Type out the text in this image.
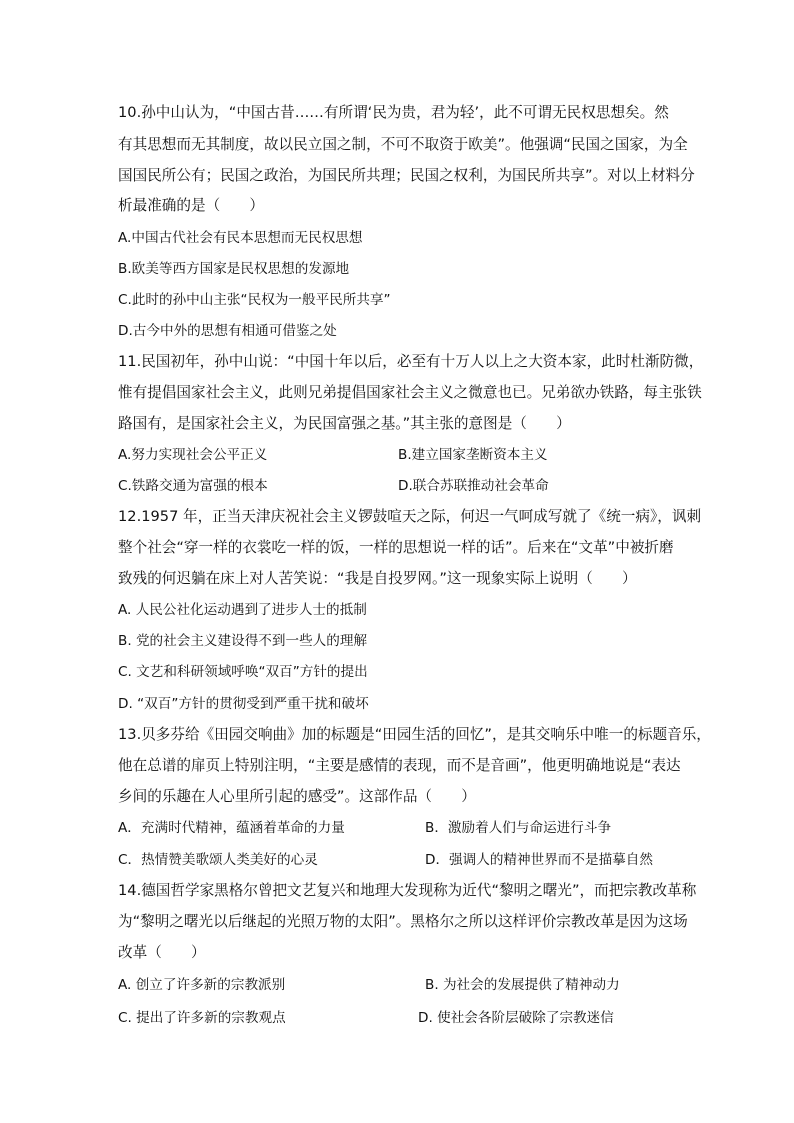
10.孙中山认为，“中国古昔……有所谓‘民为贵，君为轻’，此不可谓无民权思想矣。然
有其思想而无其制度，故以民立国之制，不可不取资于欧美”。他强调“民国之国家，为全
国国民所公有；民国之政治，为国民所共理；民国之权利，为国民所共享”。对以上材料分
析最准确的是（　　）
A.中国古代社会有民本思想而无民权思想
B.欧美等西方国家是民权思想的发源地
C.此时的孙中山主张“民权为一般平民所共享”
D.古今中外的思想有相通可借鉴之处
11.民国初年，孙中山说：“中国十年以后，必至有十万人以上之大资本家，此时杜渐防微，
惟有提倡国家社会主义，此则兄弟提倡国家社会主义之微意也已。兄弟欲办铁路，每主张铁
路国有，是国家社会主义，为民国富强之基。”其主张的意图是（　　）
A.努力实现社会公平正义	B.建立国家垄断资本主义
C.铁路交通为富强的根本	D.联合苏联推动社会革命
12.1957 年，正当天津庆祝社会主义锣鼓喧天之际，何迟一气呵成写就了《统一病》，讽刺
整个社会“穿一样的衣裳吃一样的饭，一样的思想说一样的话”。后来在“文革”中被折磨
致残的何迟躺在床上对人苦笑说：“我是自投罗网。”这一现象实际上说明（　　）
A. 人民公社化运动遇到了进步人士的抵制
B. 党的社会主义建设得不到一些人的理解
C. 文艺和科研领域呼唤“双百”方针的提出
D. “双百”方针的贯彻受到严重干扰和破坏
13.贝多芬给《田园交响曲》加的标题是“田园生活的回忆”，是其交响乐中唯一的标题音乐，
他在总谱的扉页上特别注明，“主要是感情的表现，而不是音画”，他更明确地说是“表达
乡间的乐趣在人心里所引起的感受”。这部作品（　　）
A．充满时代精神，蕴涵着革命的力量	B．激励着人们与命运进行斗争
C．热情赞美歌颂人类美好的心灵	D．强调人的精神世界而不是描摹自然
14.德国哲学家黑格尔曾把文艺复兴和地理大发现称为近代“黎明之曙光”，而把宗教改革称
为“黎明之曙光以后继起的光照万物的太阳”。黑格尔之所以这样评价宗教改革是因为这场
改革（　　）
A. 创立了许多新的宗教派别	B. 为社会的发展提供了精神动力
C. 提出了许多新的宗教观点	D. 使社会各阶层破除了宗教迷信
